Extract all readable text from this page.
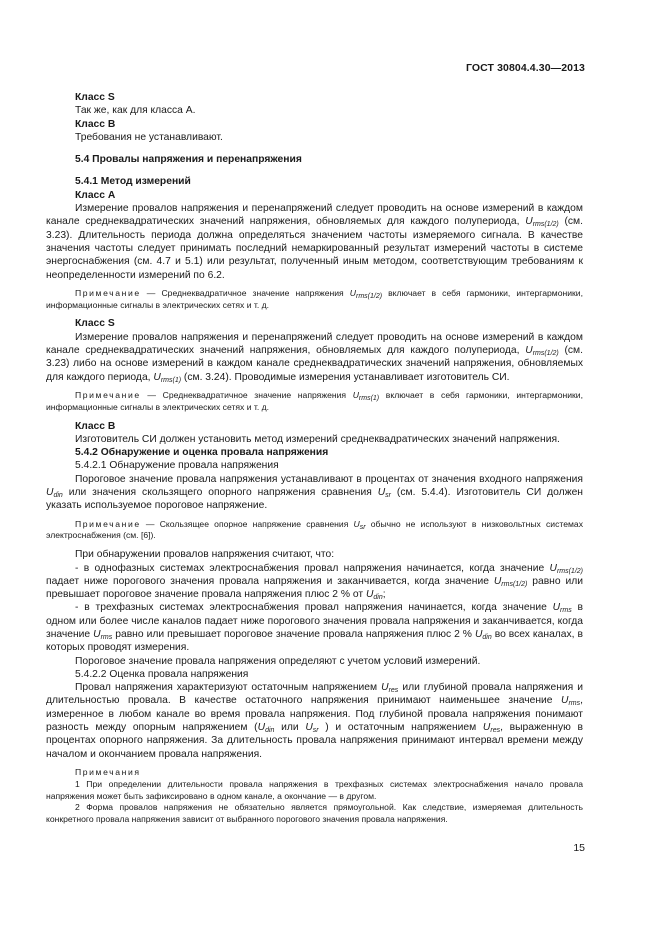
ГОСТ 30804.4.30—2013

Класс S

Так же, как для класса A.

Класс B

Требования не устанавливают.

5.4 Провалы напряжения и перенапряжения

5.4.1 Метод измерений

Класс A

Измерение провалов напряжения и перенапряжений следует проводить на основе измерений в каждом канале среднеквадратических значений напряжения, обновляемых для каждого полупериода, $U_{rms(1/2)}$ (см. 3.23). Длительность периода должна определяться значением частоты измеряемого сигнала. В качестве значения частоты следует принимать последний немаркированный результат измерений частоты в системе энергоснабжения (см. 4.7 и 5.1) или результат, полученный иным методом, соответствующим требованиям к неопределенности измерений по 6.2.

Примечание — Среднеквадратичное значение напряжения $U_{rms(1/2)}$ включает в себя гармоники, интергармоники, информационные сигналы в электрических сетях и т. д.

Класс S

Измерение провалов напряжения и перенапряжений следует проводить на основе измерений в каждом канале среднеквадратических значений напряжения, обновляемых для каждого полупериода, $U_{rms(1/2)}$ (см. 3.23) либо на основе измерений в каждом канале среднеквадратических значений напряжения, обновляемых для каждого периода, $U_{rms(1)}$ (см. 3.24). Проводимые измерения устанавливает изготовитель СИ.

Примечание — Среднеквадратичное значение напряжения $U_{rms(1)}$ включает в себя гармоники, интергармоники, информационные сигналы в электрических сетях и т. д.

Класс B

Изготовитель СИ должен установить метод измерений среднеквадратических значений напряжения.

5.4.2 Обнаружение и оценка провала напряжения

5.4.2.1 Обнаружение провала напряжения

Пороговое значение провала напряжения устанавливают в процентах от значения входного напряжения $U_{din}$ или значения скользящего опорного напряжения сравнения $U_{sr}$ (см. 5.4.4). Изготовитель СИ должен указать используемое пороговое напряжение.

Примечание — Скользящее опорное напряжение сравнения $U_{sr}$ обычно не используют в низковольтных системах электроснабжения (см. [6]).

При обнаружении провалов напряжения считают, что:

- в однофазных системах электроснабжения провал напряжения начинается, когда значение $U_{rms(1/2)}$ падает ниже порогового значения провала напряжения и заканчивается, когда значение $U_{rms(1/2)}$ равно или превышает пороговое значение провала напряжения плюс 2 % от $U_{din}$;

- в трехфазных системах электроснабжения провал напряжения начинается, когда значение $U_{rms}$ в одном или более числе каналов падает ниже порогового значения провала напряжения и заканчивается, когда значение $U_{rms}$ равно или превышает пороговое значение провала напряжения плюс 2 % $U_{din}$ во всех каналах, в которых проводят измерения.

Пороговое значение провала напряжения определяют с учетом условий измерений.

5.4.2.2 Оценка провала напряжения

Провал напряжения характеризуют остаточным напряжением $U_{res}$ или глубиной провала напряжения и длительностью провала. В качестве остаточного напряжения принимают наименьшее значение $U_{rms}$, измеренное в любом канале во время провала напряжения. Под глубиной провала напряжения понимают разность между опорным напряжением ($U_{din}$ или $U_{sr}$ ) и остаточным напряжением $U_{res}$, выраженную в процентах опорного напряжения. За длительность провала напряжения принимают интервал времени между началом и окончанием провала напряжения.

Примечания

1 При определении длительности провала напряжения в трехфазных системах электроснабжения начало провала напряжения может быть зафиксировано в одном канале, а окончание — в другом.

2 Форма провалов напряжения не обязательно является прямоугольной. Как следствие, измеряемая длительность конкретного провала напряжения зависит от выбранного порогового значения провала напряжения.

15
